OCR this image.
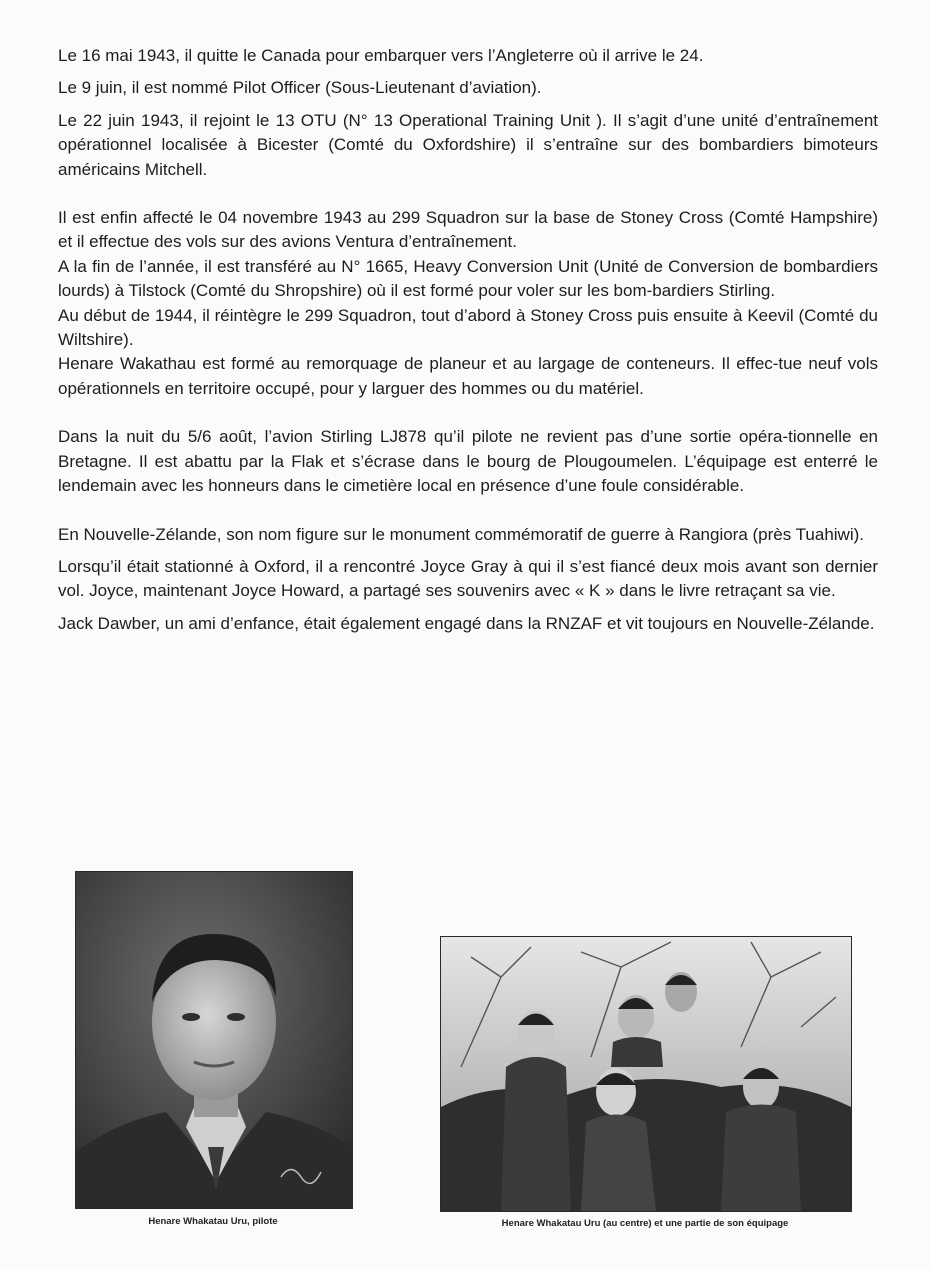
Le 16 mai 1943, il quitte le Canada pour embarquer vers l’Angleterre où il arrive le 24.

Le 9 juin, il est nommé Pilot Officer (Sous-Lieutenant d’aviation).

Le 22 juin 1943, il rejoint le 13 OTU (N° 13 Operational Training Unit ). Il s’agit d’une unité d’entraînement opérationnel localisée à Bicester (Comté du Oxfordshire) il s’entraîne sur des bombardiers bimoteurs américains Mitchell.

Il est enfin affecté le 04 novembre 1943 au 299 Squadron sur la base de Stoney Cross (Comté Hampshire) et il effectue des vols sur des avions Ventura d’entraînement.

A la fin de l’année, il est transféré au N° 1665, Heavy Conversion Unit (Unité de Conversion de bombardiers lourds) à Tilstock (Comté du Shropshire) où il est formé pour voler sur les bom-bardiers Stirling.

Au début de 1944, il réintègre le 299 Squadron, tout d’abord à Stoney Cross puis ensuite à Keevil (Comté du Wiltshire).

Henare Wakathau est formé au remorquage de planeur et au largage de conteneurs. Il effec-tue neuf vols opérationnels en territoire occupé, pour y larguer des hommes ou du matériel.

Dans la nuit du 5/6 août, l’avion Stirling LJ878 qu’il pilote ne revient pas d’une sortie opéra-tionnelle en Bretagne. Il est abattu par la Flak et s’écrase dans le bourg de Plougoumelen. L’équipage est enterré le lendemain avec les honneurs dans le cimetière local en présence d’une foule considérable.

En Nouvelle-Zélande, son nom figure sur le monument commémoratif de guerre à Rangiora (près Tuahiwi).

Lorsqu’il était stationné à Oxford, il a rencontré Joyce Gray à qui il s’est fiancé deux mois avant son dernier vol. Joyce, maintenant Joyce Howard, a partagé ses souvenirs avec « K » dans le livre retraçant sa vie.

Jack Dawber, un ami d’enfance, était également engagé dans la RNZAF et vit toujours en Nouvelle-Zélande.

Henare Whakatau Uru, pilote	Henare Whakatau Uru (au centre) et une partie de son équipage
